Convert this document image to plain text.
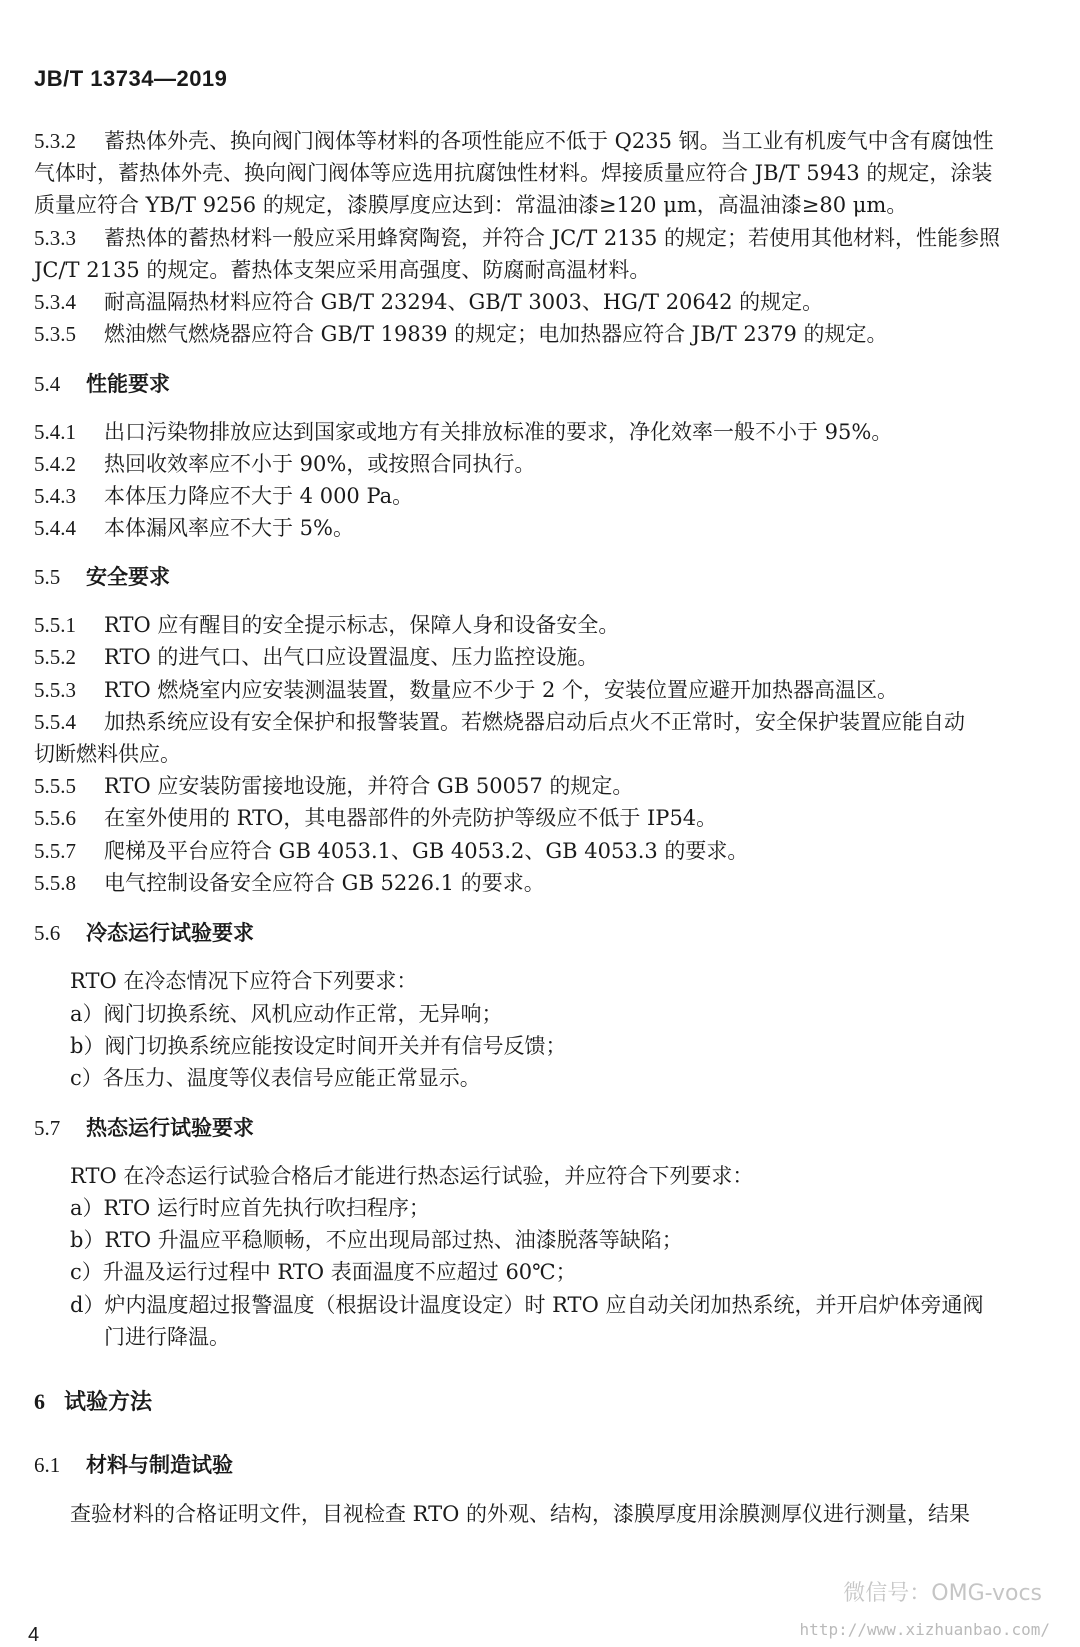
JB/T 13734—2019
5.3.2 蓄热体外壳、换向阀门阀体等材料的各项性能应不低于 Q235 钢。当工业有机废气中含有腐蚀性
气体时，蓄热体外壳、换向阀门阀体等应选用抗腐蚀性材料。焊接质量应符合 JB/T 5943 的规定，涂装
质量应符合 YB/T 9256 的规定，漆膜厚度应达到：常温油漆≥120 μm，高温油漆≥80 μm。
5.3.3 蓄热体的蓄热材料一般应采用蜂窝陶瓷，并符合 JC/T 2135 的规定；若使用其他材料，性能参照
JC/T 2135 的规定。蓄热体支架应采用高强度、防腐耐高温材料。
5.3.4 耐高温隔热材料应符合 GB/T 23294、GB/T 3003、HG/T 20642 的规定。
5.3.5 燃油燃气燃烧器应符合 GB/T 19839 的规定；电加热器应符合 JB/T 2379 的规定。
5.4 性能要求
5.4.1 出口污染物排放应达到国家或地方有关排放标准的要求，净化效率一般不小于 95%。
5.4.2 热回收效率应不小于 90%，或按照合同执行。
5.4.3 本体压力降应不大于 4 000 Pa。
5.4.4 本体漏风率应不大于 5%。
5.5 安全要求
5.5.1 RTO 应有醒目的安全提示标志，保障人身和设备安全。
5.5.2 RTO 的进气口、出气口应设置温度、压力监控设施。
5.5.3 RTO 燃烧室内应安装测温装置，数量应不少于 2 个，安装位置应避开加热器高温区。
5.5.4 加热系统应设有安全保护和报警装置。若燃烧器启动后点火不正常时，安全保护装置应能自动
切断燃料供应。
5.5.5 RTO 应安装防雷接地设施，并符合 GB 50057 的规定。
5.5.6 在室外使用的 RTO，其电器部件的外壳防护等级应不低于 IP54。
5.5.7 爬梯及平台应符合 GB 4053.1、GB 4053.2、GB 4053.3 的要求。
5.5.8 电气控制设备安全应符合 GB 5226.1 的要求。
5.6 冷态运行试验要求
RTO 在冷态情况下应符合下列要求：
a）阀门切换系统、风机应动作正常，无异响；
b）阀门切换系统应能按设定时间开关并有信号反馈；
c）各压力、温度等仪表信号应能正常显示。
5.7 热态运行试验要求
RTO 在冷态运行试验合格后才能进行热态运行试验，并应符合下列要求：
a）RTO 运行时应首先执行吹扫程序；
b）RTO 升温应平稳顺畅，不应出现局部过热、油漆脱落等缺陷；
c）升温及运行过程中 RTO 表面温度不应超过 60℃；
d）炉内温度超过报警温度（根据设计温度设定）时 RTO 应自动关闭加热系统，并开启炉体旁通阀
门进行降温。
6 试验方法
6.1 材料与制造试验
查验材料的合格证明文件，目视检查 RTO 的外观、结构，漆膜厚度用涂膜测厚仪进行测量，结果
4
微信号：OMG-vocs
http://www.xizhuanbao.com/
